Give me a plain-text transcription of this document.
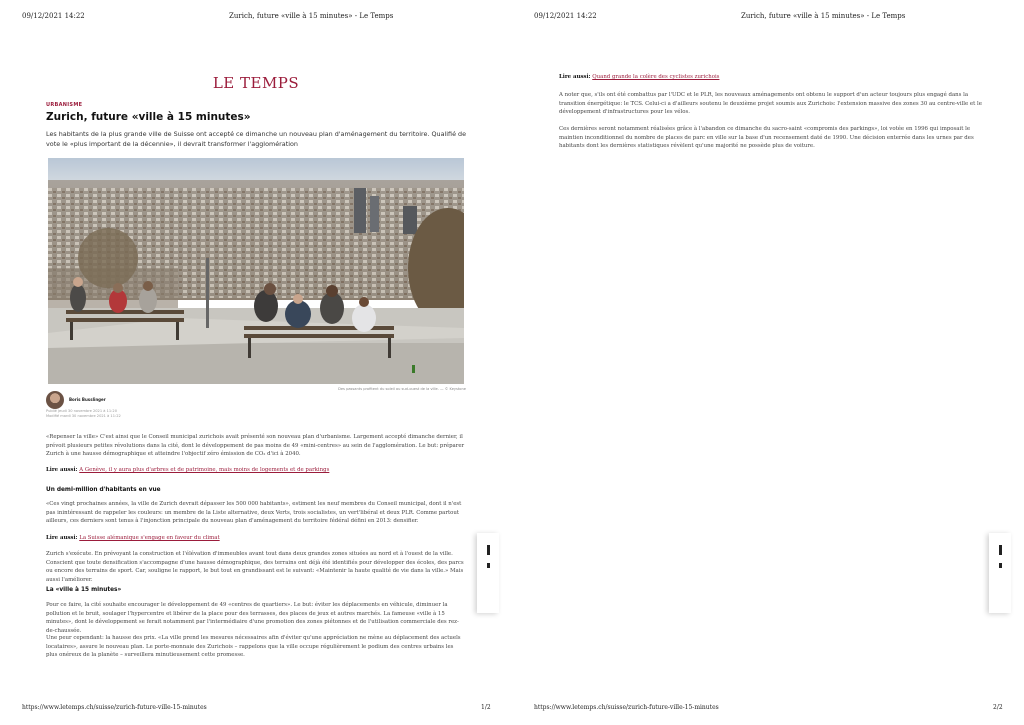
09/12/2021 14:22	Zurich, future «ville à 15 minutes» - Le Temps
LE TEMPS
URBANISME
Zurich, future «ville à 15 minutes»
Les habitants de la plus grande ville de Suisse ont accepté ce dimanche un nouveau plan d'aménagement du territoire. Qualifié de vote le «plus important de la décennie», il devrait transformer l'agglomération
Des passants profitent du soleil au sud-ouest de la ville. — © Keystone
Boris Busslinger
Publié jeudi 30 novembre 2021 à 11:20
Modifié mardi 30 novembre 2021 à 11:22

«Repenser la ville» C'est ainsi que le Conseil municipal zurichois avait présenté son nouveau plan d'urbanisme. Largement accepté dimanche dernier, il prévoit plusieurs petites révolutions dans la cité, dont le développement de pas moins de 49 «mini-centres» au sein de l'agglomération. Le but: préparer Zurich à une hausse démographique et atteindre l'objectif zéro émission de CO₂ d'ici à 2040.

Lire aussi: A Genève, il y aura plus d'arbres et de patrimoine, mais moins de logements et de parkings
Un demi-million d'habitants en vue

«Ces vingt prochaines années, la ville de Zurich devrait dépasser les 500 000 habitants», estiment les neuf membres du Conseil municipal, dont il n'est pas inintéressant de rappeler les couleurs: un membre de la Liste alternative, deux Verts, trois socialistes, un vert'libéral et deux PLR. Comme partout ailleurs, ces derniers sont tenus à l'injonction principale du nouveau plan d'aménagement du territoire fédéral défini en 2013: densifier.

Lire aussi: La Suisse alémanique s'engage en faveur du climat

Zurich s'exécute. En prévoyant la construction et l'élévation d'immeubles avant tout dans deux grandes zones situées au nord et à l'ouest de la ville. Conscient que toute densification s'accompagne d'une hausse démographique, des terrains ont déjà été identifiés pour développer des écoles, des parcs ou encore des terrains de sport. Car, souligne le rapport, le but tout en grandissant est le suivant: «Maintenir la haute qualité de vie dans la ville.» Mais aussi l'améliorer.

La «ville à 15 minutes»

Pour ce faire, la cité souhaite encourager le développement de 49 «centres de quartiers». Le but: éviter les déplacements en véhicule, diminuer la pollution et le bruit, soulager l'hypercentre et libérer de la place pour des terrasses, des places de jeux et autres marchés. La fameuse «ville à 15 minutes», dont le développement se ferait notamment par l'intermédiaire d'une promotion des zones piétonnes et de l'utilisation commerciale des rez-de-chaussée.

Une peur cependant: la hausse des prix. «La ville prend les mesures nécessaires afin d'éviter qu'une appréciation ne mène au déplacement des actuels locataires», assure le nouveau plan. Le porte-monnaie des Zurichois – rappelons que la ville occupe régulièrement le podium des centres urbains les plus onéreux de la planète – surveillera minutieusement cette promesse.

https://www.letemps.ch/suisse/zurich-future-ville-15-minutes	1/2
09/12/2021 14:22	Zurich, future «ville à 15 minutes» - Le Temps
Lire aussi: Quand grande la colère des cyclistes zurichois

A noter que, s'ils ont été combattus par l'UDC et le PLR, les nouveaux aménagements ont obtenu le support d'un acteur toujours plus engagé dans la transition énergétique: le TCS. Celui-ci a d'ailleurs soutenu le deuxième projet soumis aux Zurichois: l'extension massive des zones 30 au centre-ville et le développement d'infrastructures pour les vélos.

Ces dernières seront notamment réalisées grâce à l'abandon ce dimanche du sacro-saint «compromis des parkings», loi votée en 1996 qui imposait le maintien inconditionnel du nombre de places de parc en ville sur la base d'un recensement daté de 1990. Une décision enterrée dans les urnes par des habitants dont les dernières statistiques révèlent qu'une majorité ne possède plus de voiture.

https://www.letemps.ch/suisse/zurich-future-ville-15-minutes	2/2
